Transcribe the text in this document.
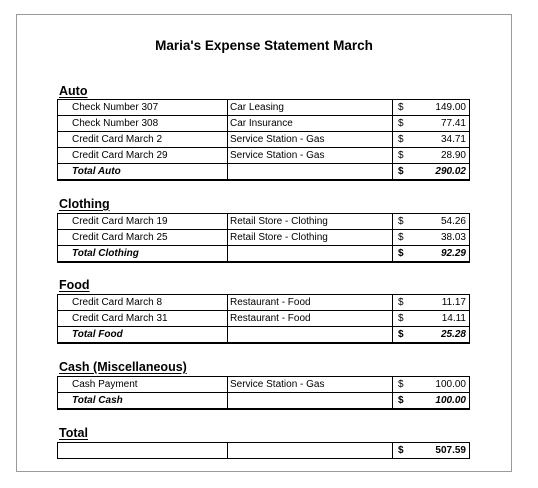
Maria's Expense Statement March
Auto
Check Number 307	Car Leasing	$	149.00
Check Number 308	Car Insurance	$	77.41
Credit Card March 2	Service Station - Gas	$	34.71
Credit Card March 29	Service Station - Gas	$	28.90
Total Auto		$	290.02
Clothing
Credit Card March 19	Retail Store - Clothing	$	54.26
Credit Card March 25	Retail Store - Clothing	$	38.03
Total Clothing		$	92.29
Food
Credit Card March 8	Restaurant - Food	$	11.17
Credit Card March 31	Restaurant - Food	$	14.11
Total Food		$	25.28
Cash (Miscellaneous)
Cash Payment	Service Station - Gas	$	100.00
Total Cash		$	100.00
Total
		$	507.59
